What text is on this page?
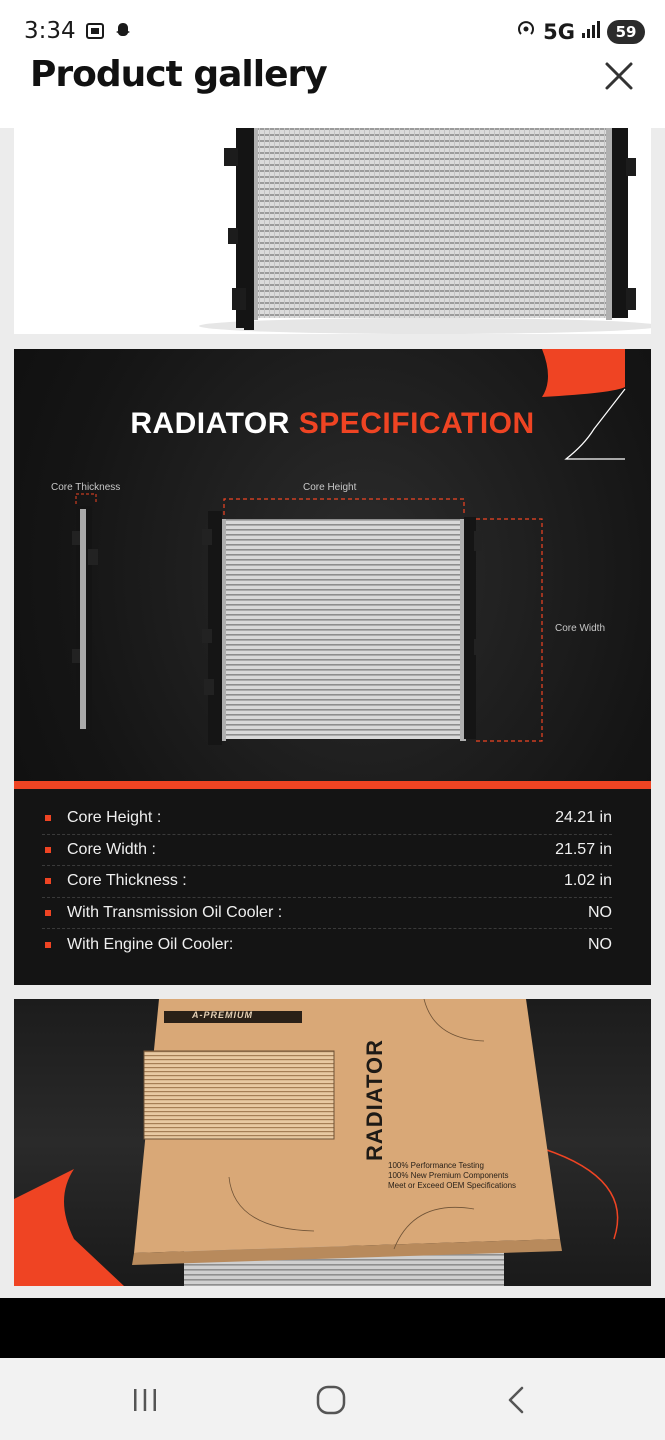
3:34	5G	59
Product gallery
RADIATOR SPECIFICATION
Core Thickness	Core Height
Core Width
Core Height :	24.21 in
Core Width :	21.57 in
Core Thickness :	1.02 in
With Transmission Oil Cooler :	NO
With Engine Oil Cooler:	NO
A-PREMIUM
RADIATOR
100% Performance Testing
100% New Premium Components
Meet or Exceed OEM Specifications
